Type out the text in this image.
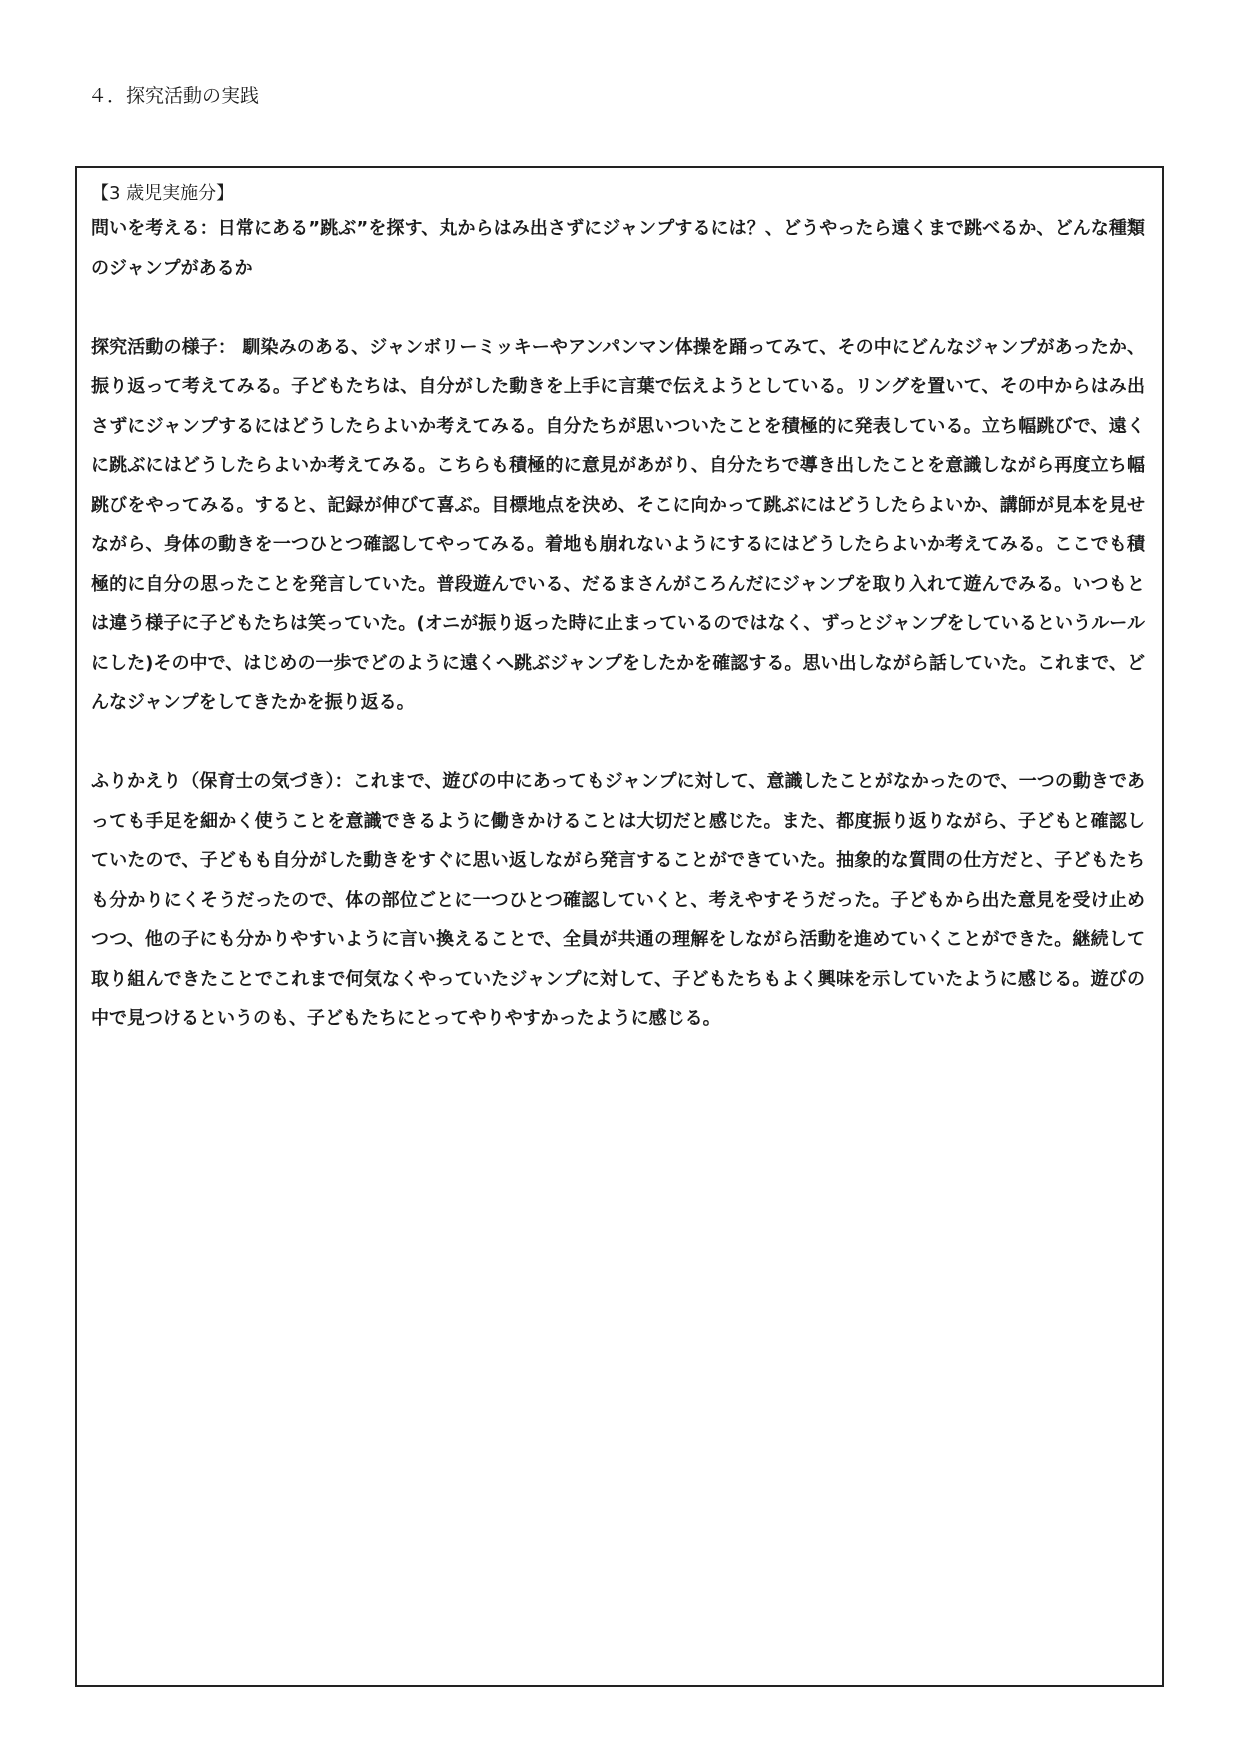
４．探究活動の実践

【3 歳児実施分】

問いを考える：日常にある”跳ぶ”を探す、丸からはみ出さずにジャンプするには？、どうやったら遠くまで跳べるか、どんな種類のジャンプがあるか

探究活動の様子： 馴染みのある、ジャンボリーミッキーやアンパンマン体操を踊ってみて、その中にどんなジャンプがあったか、振り返って考えてみる。子どもたちは、自分がした動きを上手に言葉で伝えようとしている。リングを置いて、その中からはみ出さずにジャンプするにはどうしたらよいか考えてみる。自分たちが思いついたことを積極的に発表している。立ち幅跳びで、遠くに跳ぶにはどうしたらよいか考えてみる。こちらも積極的に意見があがり、自分たちで導き出したことを意識しながら再度立ち幅跳びをやってみる。すると、記録が伸びて喜ぶ。目標地点を決め、そこに向かって跳ぶにはどうしたらよいか、講師が見本を見せながら、身体の動きを一つひとつ確認してやってみる。着地も崩れないようにするにはどうしたらよいか考えてみる。ここでも積極的に自分の思ったことを発言していた。普段遊んでいる、だるまさんがころんだにジャンプを取り入れて遊んでみる。いつもとは違う様子に子どもたちは笑っていた。(オニが振り返った時に止まっているのではなく、ずっとジャンプをしているというルールにした)その中で、はじめの一歩でどのように遠くへ跳ぶジャンプをしたかを確認する。思い出しながら話していた。これまで、どんなジャンプをしてきたかを振り返る。

ふりかえり（保育士の気づき）：これまで、遊びの中にあってもジャンプに対して、意識したことがなかったので、一つの動きであっても手足を細かく使うことを意識できるように働きかけることは大切だと感じた。また、都度振り返りながら、子どもと確認していたので、子どもも自分がした動きをすぐに思い返しながら発言することができていた。抽象的な質問の仕方だと、子どもたちも分かりにくそうだったので、体の部位ごとに一つひとつ確認していくと、考えやすそうだった。子どもから出た意見を受け止めつつ、他の子にも分かりやすいように言い換えることで、全員が共通の理解をしながら活動を進めていくことができた。継続して取り組んできたことでこれまで何気なくやっていたジャンプに対して、子どもたちもよく興味を示していたように感じる。遊びの中で見つけるというのも、子どもたちにとってやりやすかったように感じる。
